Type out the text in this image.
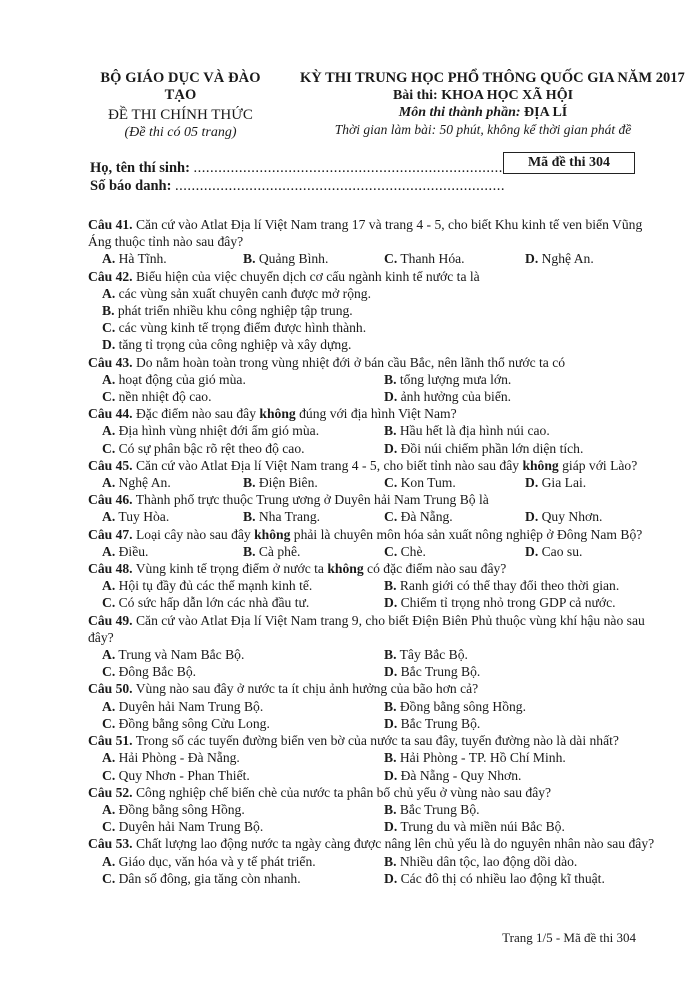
BỘ GIÁO DỤC VÀ ĐÀO TẠO
ĐỀ THI CHÍNH THỨC
(Đề thi có 05 trang)
KỲ THI TRUNG HỌC PHỔ THÔNG QUỐC GIA NĂM 2017
Bài thi: KHOA HỌC XÃ HỘI
Môn thi thành phần: ĐỊA LÍ
Thời gian làm bài: 50 phút, không kể thời gian phát đề
Mã đề thi 304
Họ, tên thí sinh: ...........................................................................
Số báo danh: ................................................................................
Câu 41. Căn cứ vào Atlat Địa lí Việt Nam trang 17 và trang 4 - 5, cho biết Khu kinh tế ven biển Vũng Áng thuộc tỉnh nào sau đây?
A. Hà Tĩnh.	B. Quảng Bình.	C. Thanh Hóa.	D. Nghệ An.
Câu 42. Biểu hiện của việc chuyển dịch cơ cấu ngành kinh tế nước ta là
A. các vùng sản xuất chuyên canh được mở rộng.
B. phát triển nhiều khu công nghiệp tập trung.
C. các vùng kinh tế trọng điểm được hình thành.
D. tăng tỉ trọng của công nghiệp và xây dựng.
Câu 43. Do nằm hoàn toàn trong vùng nhiệt đới ở bán cầu Bắc, nên lãnh thổ nước ta có
A. hoạt động của gió mùa.	B. tổng lượng mưa lớn.
C. nền nhiệt độ cao.	D. ảnh hưởng của biển.
Câu 44. Đặc điểm nào sau đây không đúng với địa hình Việt Nam?
A. Địa hình vùng nhiệt đới ẩm gió mùa.	B. Hầu hết là địa hình núi cao.
C. Có sự phân bậc rõ rệt theo độ cao.	D. Đồi núi chiếm phần lớn diện tích.
Câu 45. Căn cứ vào Atlat Địa lí Việt Nam trang 4 - 5, cho biết tỉnh nào sau đây không giáp với Lào?
A. Nghệ An.	B. Điện Biên.	C. Kon Tum.	D. Gia Lai.
Câu 46. Thành phố trực thuộc Trung ương ở Duyên hải Nam Trung Bộ là
A. Tuy Hòa.	B. Nha Trang.	C. Đà Nẵng.	D. Quy Nhơn.
Câu 47. Loại cây nào sau đây không phải là chuyên môn hóa sản xuất nông nghiệp ở Đông Nam Bộ?
A. Điều.	B. Cà phê.	C. Chè.	D. Cao su.
Câu 48. Vùng kinh tế trọng điểm ở nước ta không có đặc điểm nào sau đây?
A. Hội tụ đầy đủ các thế mạnh kinh tế.	B. Ranh giới có thể thay đổi theo thời gian.
C. Có sức hấp dẫn lớn các nhà đầu tư.	D. Chiếm tỉ trọng nhỏ trong GDP cả nước.
Câu 49. Căn cứ vào Atlat Địa lí Việt Nam trang 9, cho biết Điện Biên Phủ thuộc vùng khí hậu nào sau đây?
A. Trung và Nam Bắc Bộ.	B. Tây Bắc Bộ.
C. Đông Bắc Bộ.	D. Bắc Trung Bộ.
Câu 50. Vùng nào sau đây ở nước ta ít chịu ảnh hưởng của bão hơn cả?
A. Duyên hải Nam Trung Bộ.	B. Đồng bằng sông Hồng.
C. Đồng bằng sông Cửu Long.	D. Bắc Trung Bộ.
Câu 51. Trong số các tuyến đường biển ven bờ của nước ta sau đây, tuyến đường nào là dài nhất?
A. Hải Phòng - Đà Nẵng.	B. Hải Phòng - TP. Hồ Chí Minh.
C. Quy Nhơn - Phan Thiết.	D. Đà Nẵng - Quy Nhơn.
Câu 52. Công nghiệp chế biến chè của nước ta phân bố chủ yếu ở vùng nào sau đây?
A. Đồng bằng sông Hồng.	B. Bắc Trung Bộ.
C. Duyên hải Nam Trung Bộ.	D. Trung du và miền núi Bắc Bộ.
Câu 53. Chất lượng lao động nước ta ngày càng được nâng lên chủ yếu là do nguyên nhân nào sau đây?
A. Giáo dục, văn hóa và y tế phát triển.	B. Nhiều dân tộc, lao động dồi dào.
C. Dân số đông, gia tăng còn nhanh.	D. Các đô thị có nhiều lao động kĩ thuật.
Trang 1/5 - Mã đề thi 304
